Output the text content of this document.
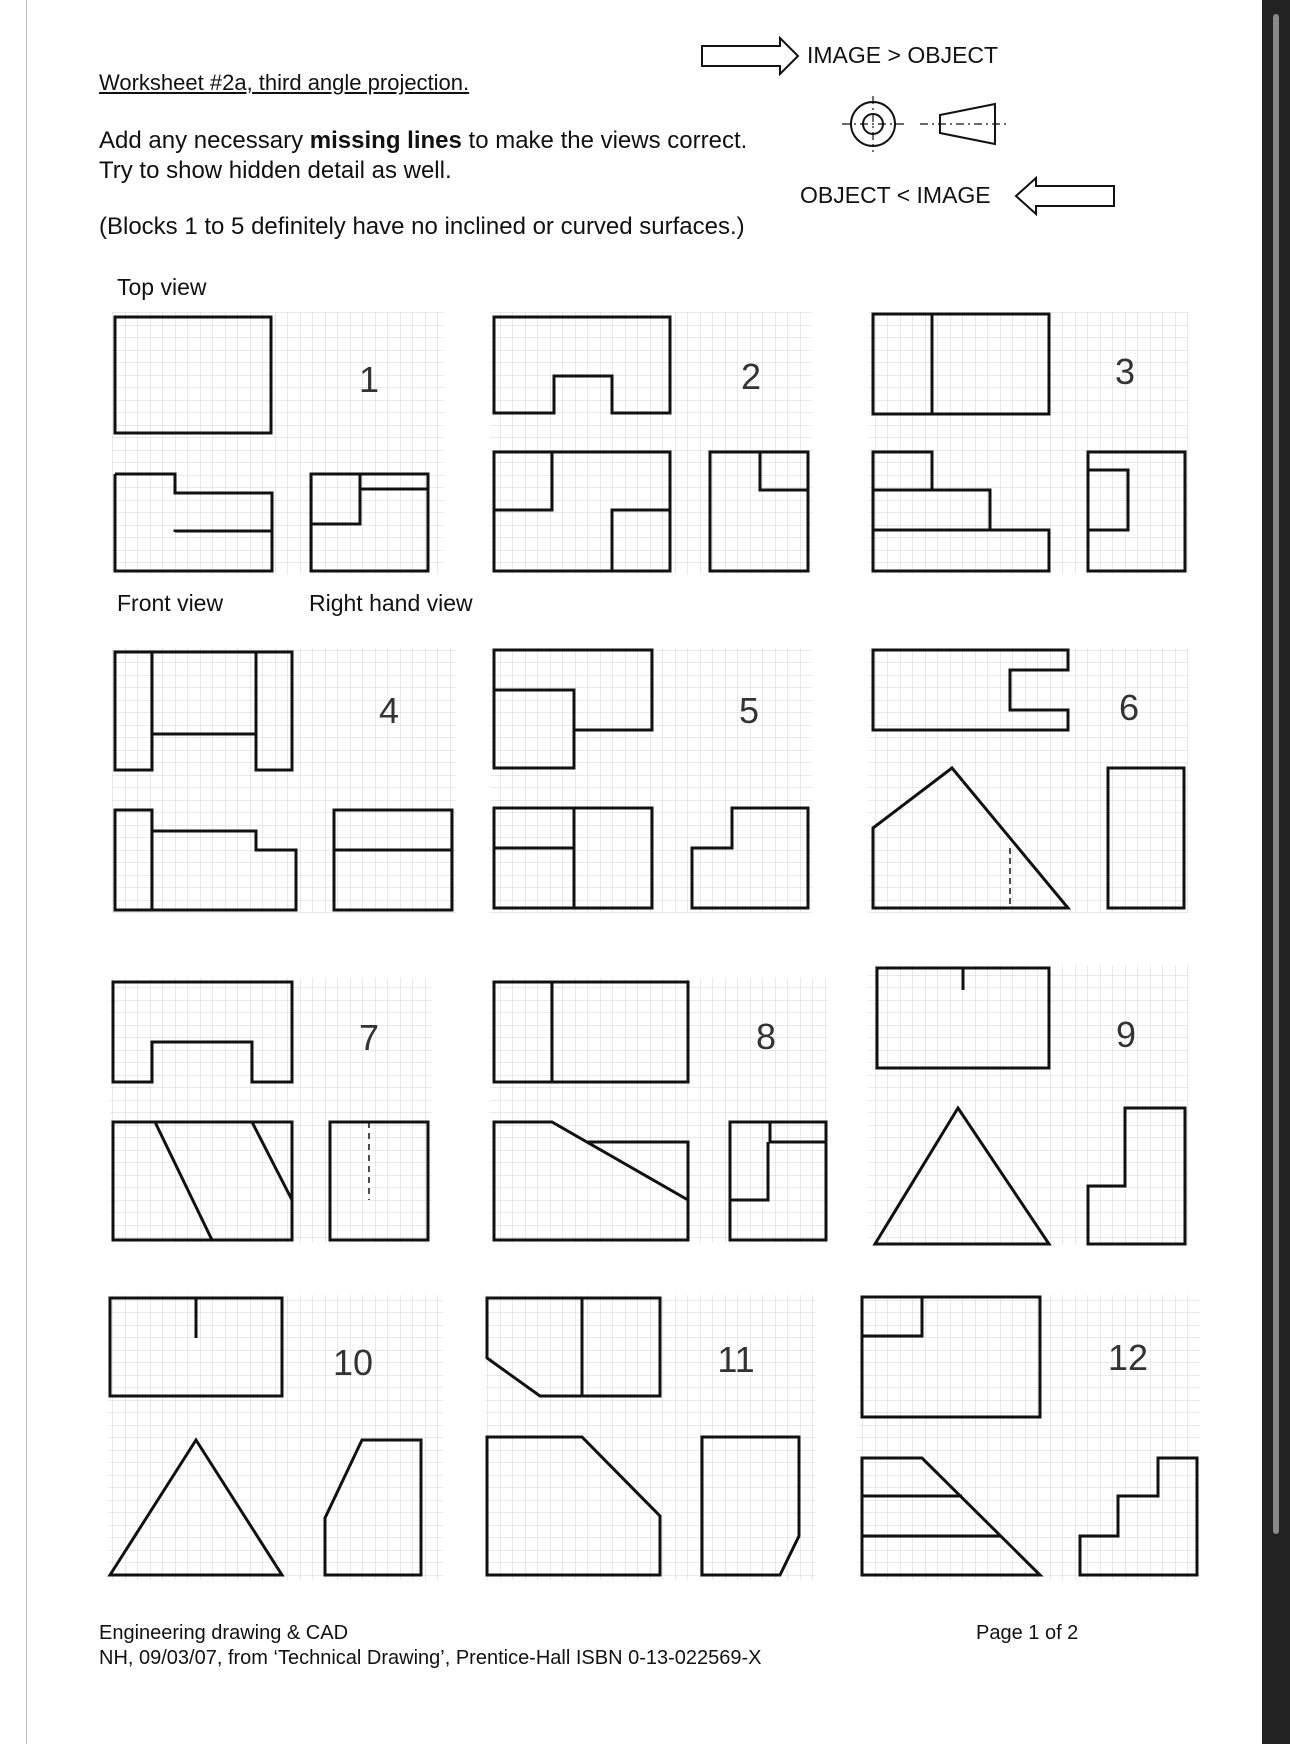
Worksheet #2a, third angle projection.
Add any necessary missing lines to make the views correct.
Try to show hidden detail as well.
(Blocks 1 to 5 definitely have no inclined or curved surfaces.)
IMAGE > OBJECT
OBJECT < IMAGE
Top view
Front view	Right hand view
Engineering drawing & CAD
NH, 09/03/07, from ‘Technical Drawing’, Prentice-Hall ISBN 0-13-022569-X
Page 1 of 2
1	2	3
4	5	6
7	8	9
10	11	12
